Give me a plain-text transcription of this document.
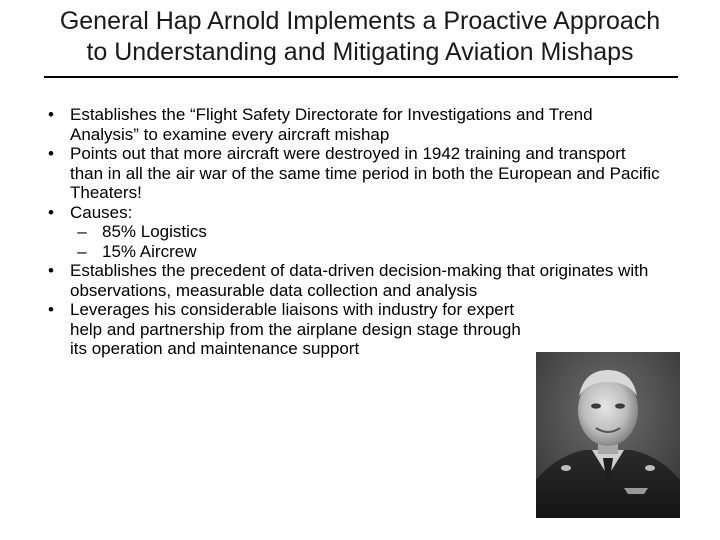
General Hap Arnold Implements a Proactive Approach
to Understanding and Mitigating Aviation Mishaps
• Establishes the “Flight Safety Directorate for Investigations and Trend Analysis” to examine every aircraft mishap
• Points out that more aircraft were destroyed in 1942 training and transport than in all the air war of the same time period in both the European and Pacific Theaters!
• Causes:
– 85% Logistics
– 15% Aircrew
• Establishes the precedent of data-driven decision-making that originates with observations, measurable data collection and analysis
• Leverages his considerable liaisons with industry for expert help and partnership from the airplane design stage through its operation and maintenance support
